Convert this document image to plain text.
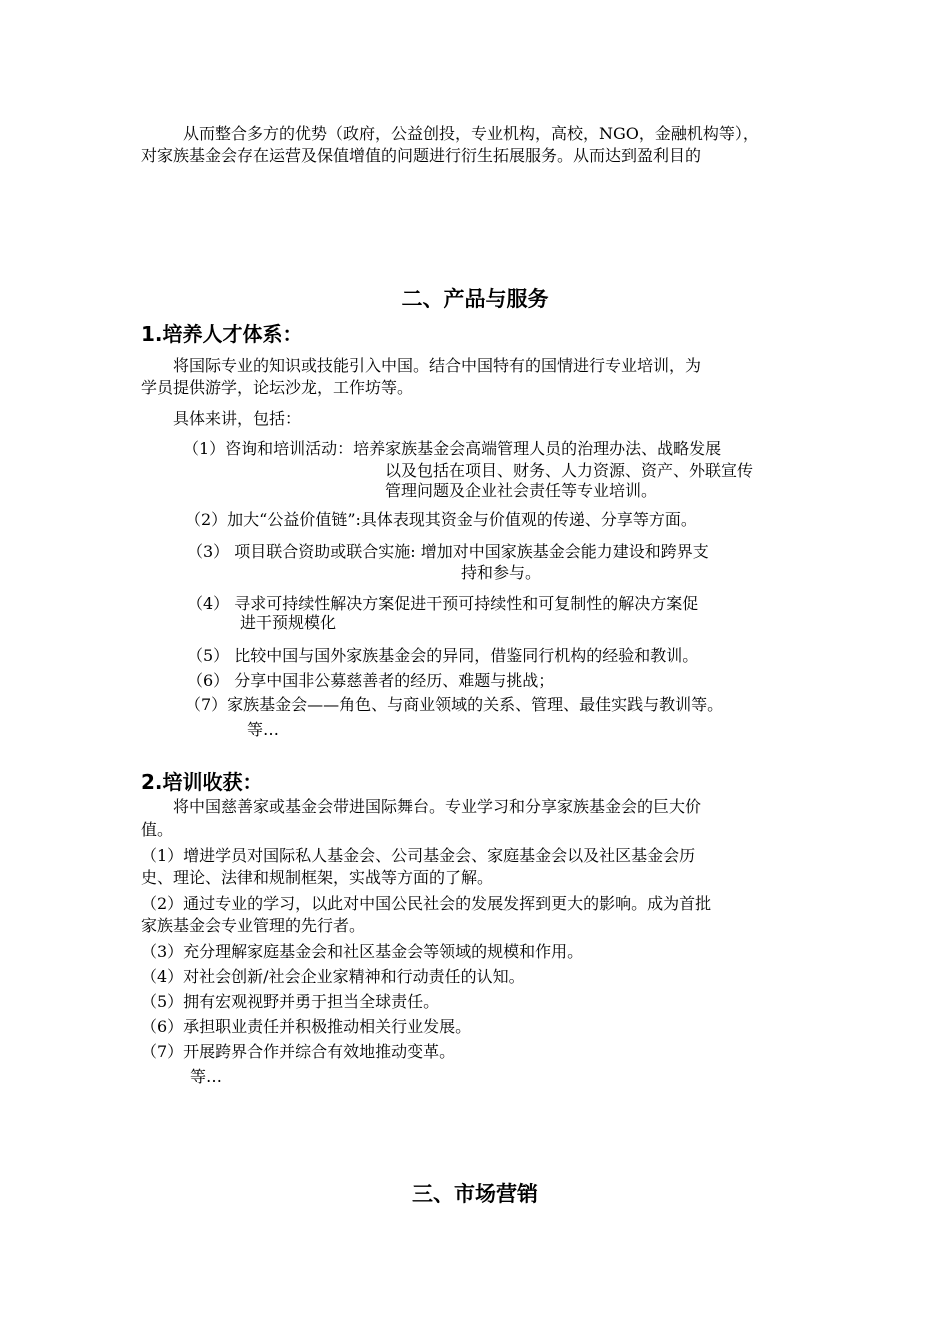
从而整合多方的优势（政府，公益创投，专业机构，高校，NGO，金融机构等），
对家族基金会存在运营及保值增值的问题进行衍生拓展服务。从而达到盈利目的
二、产品与服务
1.培养人才体系：
将国际专业的知识或技能引入中国。结合中国特有的国情进行专业培训，为
学员提供游学，论坛沙龙，工作坊等。
具体来讲，包括：
（1）咨询和培训活动：培养家族基金会高端管理人员的治理办法、战略发展
以及包括在项目、财务、人力资源、资产、外联宣传
管理问题及企业社会责任等专业培训。
（2）加大“公益价值链”:具体表现其资金与价值观的传递、分享等方面。
（3） 项目联合资助或联合实施: 增加对中国家族基金会能力建设和跨界支
持和参与。
（4） 寻求可持续性解决方案促进干预可持续性和可复制性的解决方案促
进干预规模化
（5） 比较中国与国外家族基金会的异同，借鉴同行机构的经验和教训。
（6） 分享中国非公募慈善者的经历、难题与挑战；
（7）家族基金会——角色、与商业领域的关系、管理、最佳实践与教训等。
等…
2.培训收获：
将中国慈善家或基金会带进国际舞台。专业学习和分享家族基金会的巨大价
值。
（1）增进学员对国际私人基金会、公司基金会、家庭基金会以及社区基金会历
史、理论、法律和规制框架，实战等方面的了解。
（2）通过专业的学习，以此对中国公民社会的发展发挥到更大的影响。成为首批
家族基金会专业管理的先行者。
（3）充分理解家庭基金会和社区基金会等领域的规模和作用。
（4）对社会创新/社会企业家精神和行动责任的认知。
（5）拥有宏观视野并勇于担当全球责任。
（6）承担职业责任并积极推动相关行业发展。
（7）开展跨界合作并综合有效地推动变革。
等…
三、市场营销
